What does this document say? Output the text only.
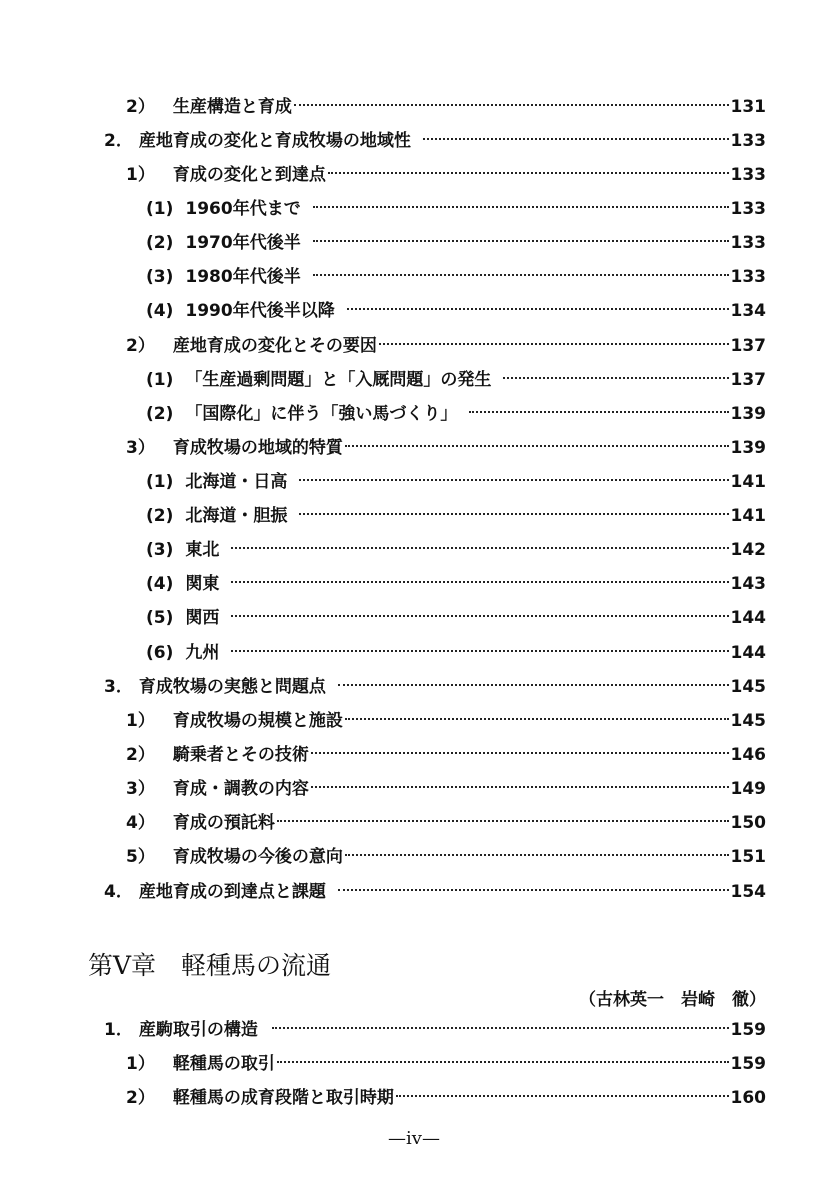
2） 生産構造と育成	131
2． 産地育成の変化と育成牧場の地域性	133
1） 育成の変化と到達点	133
(1) 1960年代まで	133
(2) 1970年代後半	133
(3) 1980年代後半	133
(4) 1990年代後半以降	134
2） 産地育成の変化とその要因	137
(1) 「生産過剰問題」と「入厩問題」の発生	137
(2) 「国際化」に伴う「強い馬づくり」	139
3） 育成牧場の地域的特質	139
(1) 北海道・日高	141
(2) 北海道・胆振	141
(3) 東北	142
(4) 関東	143
(5) 関西	144
(6) 九州	144
3． 育成牧場の実態と問題点	145
1） 育成牧場の規模と施設	145
2） 騎乗者とその技術	146
3） 育成・調教の内容	149
4） 育成の預託料	150
5） 育成牧場の今後の意向	151
4． 産地育成の到達点と課題	154
第Ⅴ章　軽種馬の流通
（古林英一　岩崎　徹）
1． 産駒取引の構造	159
1） 軽種馬の取引	159
2） 軽種馬の成育段階と取引時期	160
—iv—
